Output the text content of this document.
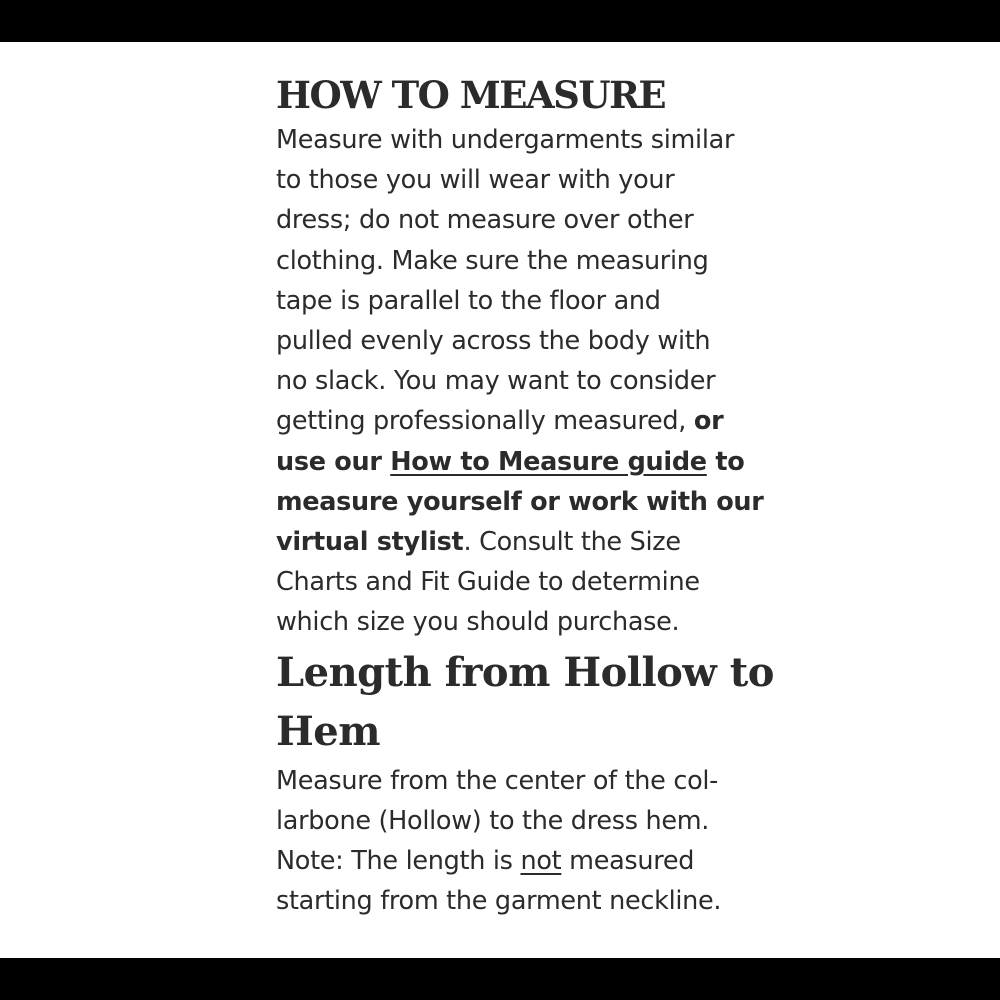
HOW TO MEASURE

Measure with undergarments similar
to those you will wear with your
dress; do not measure over other
clothing. Make sure the measuring
tape is parallel to the floor and
pulled evenly across the body with
no slack. You may want to consider
getting professionally measured, or
use our How to Measure guide to
measure yourself or work with our
virtual stylist. Consult the Size
Charts and Fit Guide to determine
which size you should purchase.

Length from Hollow to
Hem

Measure from the center of the col-
larbone (Hollow) to the dress hem.
Note: The length is not measured
starting from the garment neckline.
